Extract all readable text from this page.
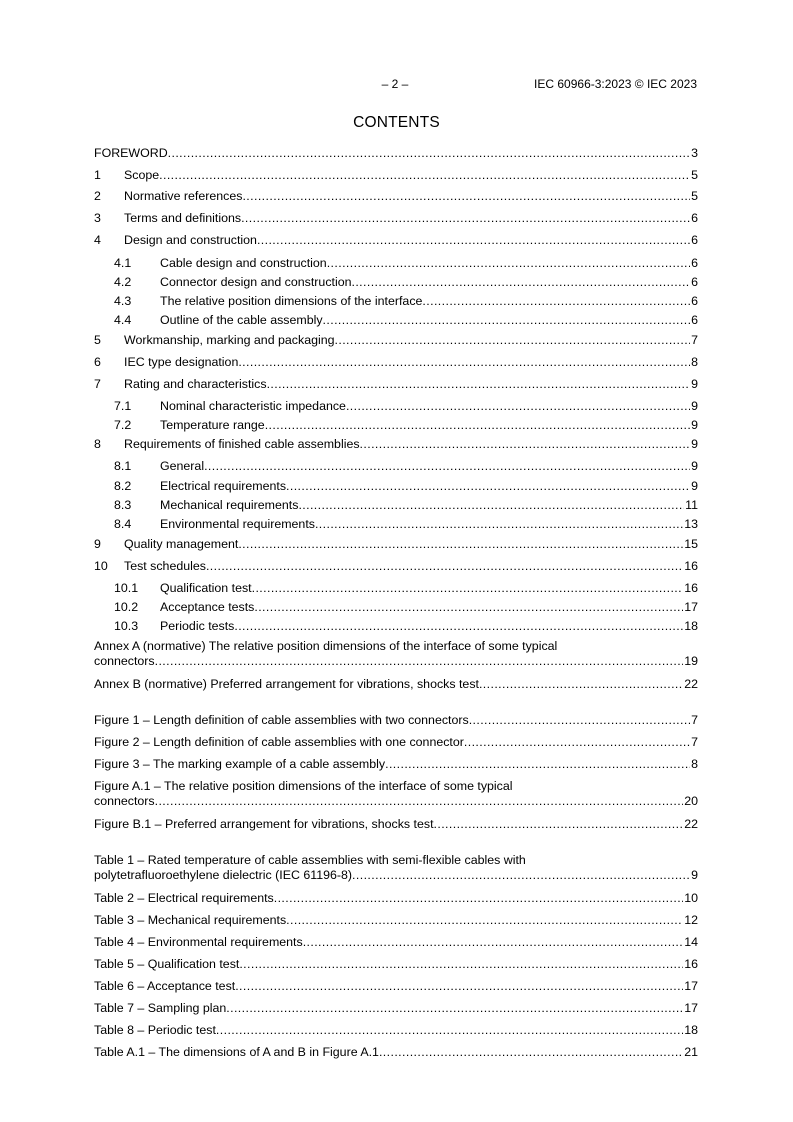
– 2 –	IEC 60966-3:2023 © IEC 2023
CONTENTS
FOREWORD .....	3
1	Scope .....	5
2	Normative references .....	5
3	Terms and definitions .....	6
4	Design and construction .....	6
4.1	Cable design and construction .....	6
4.2	Connector design and construction .....	6
4.3	The relative position dimensions of the interface .....	6
4.4	Outline of the cable assembly .....	6
5	Workmanship, marking and packaging .....	7
6	IEC type designation .....	8
7	Rating and characteristics .....	9
7.1	Nominal characteristic impedance .....	9
7.2	Temperature range .....	9
8	Requirements of finished cable assemblies .....	9
8.1	General .....	9
8.2	Electrical requirements .....	9
8.3	Mechanical requirements .....	11
8.4	Environmental requirements .....	13
9	Quality management .....	15
10	Test schedules .....	16
10.1	Qualification test .....	16
10.2	Acceptance tests .....	17
10.3	Periodic tests .....	18
Annex A (normative) The relative position dimensions of the interface of some typical
connectors .....	19
Annex B (normative) Preferred arrangement for vibrations, shocks test .....	22
Figure 1 – Length definition of cable assemblies with two connectors .....	7
Figure 2 – Length definition of cable assemblies with one connector .....	7
Figure 3 – The marking example of a cable assembly .....	8
Figure A.1 – The relative position dimensions of the interface of some typical
connectors .....	20
Figure B.1 – Preferred arrangement for vibrations, shocks test .....	22
Table 1 – Rated temperature of cable assemblies with semi-flexible cables with
polytetrafluoroethylene dielectric (IEC 61196-8) .....	9
Table 2 – Electrical requirements .....	10
Table 3 – Mechanical requirements .....	12
Table 4 – Environmental requirements .....	14
Table 5 – Qualification test .....	16
Table 6 – Acceptance test .....	17
Table 7 – Sampling plan .....	17
Table 8 – Periodic test .....	18
Table A.1 – The dimensions of A and B in Figure A.1 .....	21
